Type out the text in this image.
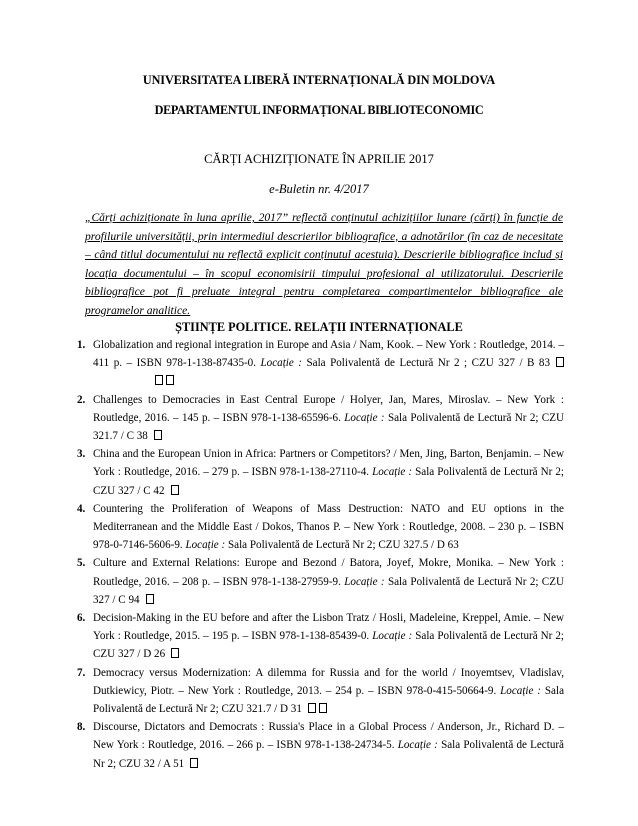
UNIVERSITATEA LIBERĂ INTERNAȚIONALĂ DIN MOLDOVA
DEPARTAMENTUL INFORMAȚIONAL BIBLIOTECONOMIC
CĂRȚI ACHIZIȚIONATE ÎN APRILIE 2017
e-Buletin nr. 4/2017
„Cărți achiziționate în luna aprilie, 2017” reflectă conținutul achizițiilor lunare (cărți) în funcție de profilurile universității, prin intermediul descrierilor bibliografice, a adnotărilor (în caz de necesitate – când titlul documentului nu reflectă explicit conținutul acestuia). Descrierile bibliografice includ și locația documentului – în scopul economisirii timpului profesional al utilizatorului. Descrierile bibliografice pot fi preluate integral pentru completarea compartimentelor bibliografice ale programelor analitice.
ȘTIINȚE POLITICE. RELAȚII INTERNAȚIONALE
1. Globalization and regional integration in Europe and Asia / Nam, Kook. – New York : Routledge, 2014. – 411 p. – ISBN 978-1-138-87435-0. Locație : Sala Polivalentă de Lectură Nr 2 ; CZU 327 / B 83
2. Challenges to Democracies in East Central Europe / Holyer, Jan, Mares, Miroslav. – New York : Routledge, 2016. – 145 p. – ISBN 978-1-138-65596-6. Locație : Sala Polivalentă de Lectură Nr 2; CZU 321.7 / C 38
3. China and the European Union in Africa: Partners or Competitors? / Men, Jing, Barton, Benjamin. – New York : Routledge, 2016. – 279 p. – ISBN 978-1-138-27110-4. Locație : Sala Polivalentă de Lectură Nr 2; CZU 327 / C 42
4. Countering the Proliferation of Weapons of Mass Destruction: NATO and EU options in the Mediterranean and the Middle East / Dokos, Thanos P. – New York : Routledge, 2008. – 230 p. – ISBN 978-0-7146-5606-9. Locație : Sala Polivalentă de Lectură Nr 2; CZU 327.5 / D 63
5. Culture and External Relations: Europe and Bezond / Batora, Joyef, Mokre, Monika. – New York : Routledge, 2016. – 208 p. – ISBN 978-1-138-27959-9. Locație : Sala Polivalentă de Lectură Nr 2; CZU 327 / C 94
6. Decision-Making in the EU before and after the Lisbon Tratz / Hosli, Madeleine, Kreppel, Amie. – New York : Routledge, 2015. – 195 p. – ISBN 978-1-138-85439-0. Locație : Sala Polivalentă de Lectură Nr 2; CZU 327 / D 26
7. Democracy versus Modernization: A dilemma for Russia and for the world / Inoyemtsev, Vladislav, Dutkiewicy, Piotr. – New York : Routledge, 2013. – 254 p. – ISBN 978-0-415-50664-9. Locație : Sala Polivalentă de Lectură Nr 2; CZU 321.7 / D 31
8. Discourse, Dictators and Democrats : Russia's Place in a Global Process / Anderson, Jr., Richard D. – New York : Routledge, 2016. – 266 p. – ISBN 978-1-138-24734-5. Locație : Sala Polivalentă de Lectură Nr 2; CZU 32 / A 51
